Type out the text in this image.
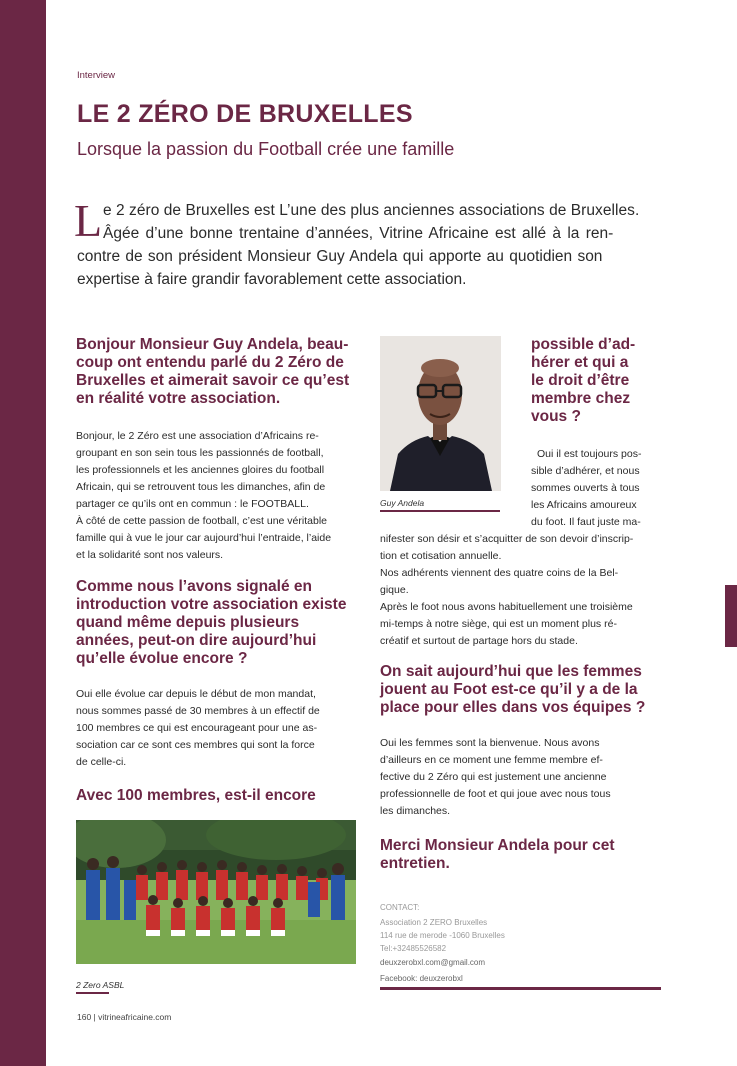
Interview
LE 2 ZÉRO DE BRUXELLES
Lorsque la passion du Football crée une famille
L e 2 zéro de Bruxelles est L’une des plus anciennes associations de Bruxelles.
Âgée d’une bonne trentaine d’années, Vitrine Africaine est allé à la ren-
contre de son président Monsieur Guy Andela qui apporte au quotidien son
expertise à faire grandir favorablement cette association.
Bonjour Monsieur Guy Andela, beau-
coup ont entendu parlé du 2 Zéro de
Bruxelles et aimerait savoir ce qu’est
en réalité votre association.
Bonjour, le 2 Zéro est une association d’Africains re-
groupant en son sein tous les passionnés de football,
les professionnels et les anciennes gloires du football
Africain, qui se retrouvent tous les dimanches, afin de
partager ce qu’ils ont en commun : le FOOTBALL.
À côté de cette passion de football, c’est une véritable
famille qui à vue le jour car aujourd’hui l’entraide, l’aide
et la solidarité sont nos valeurs.
Comme nous l’avons signalé en
introduction votre association existe
quand même depuis plusieurs
années, peut-on dire aujourd’hui
qu’elle évolue encore ?
Oui elle évolue car depuis le début de mon mandat,
nous sommes passé de 30 membres à un effectif de
100 membres ce qui est encourageant pour une as-
sociation car ce sont ces membres qui sont la force
de celle-ci.
Avec 100 membres, est-il encore
2 Zero ASBL
Guy Andela
possible d’ad-
hérer et qui a
le droit d’être
membre chez
vous ?
Oui il est toujours pos-
sible d’adhérer, et nous
sommes ouverts à tous
les Africains amoureux
du foot. Il faut juste ma-
nifester son désir et s’acquitter de son devoir d’inscrip-
tion et cotisation annuelle.
Nos adhérents viennent des quatre coins de la Bel-
gique.
Après le foot nous avons habituellement une troisième
mi-temps à notre siège, qui est un moment plus ré-
créatif et surtout de partage hors du stade.
On sait aujourd’hui que les femmes
jouent au Foot est-ce qu’il y a de la
place pour elles dans vos équipes ?
Oui les femmes sont la bienvenue. Nous avons
d’ailleurs en ce moment une femme membre ef-
fective du 2 Zéro qui est justement une ancienne
professionnelle de foot et qui joue avec nous tous
les dimanches.
Merci Monsieur Andela pour cet
entretien.
CONTACT:
Association 2 ZERO Bruxelles
114 rue de merode -1060 Bruxelles
Tel:+32485526582
deuxzerobxl.com@gmail.com
Facebook: deuxzerobxl
160 | vitrineafricaine.com
